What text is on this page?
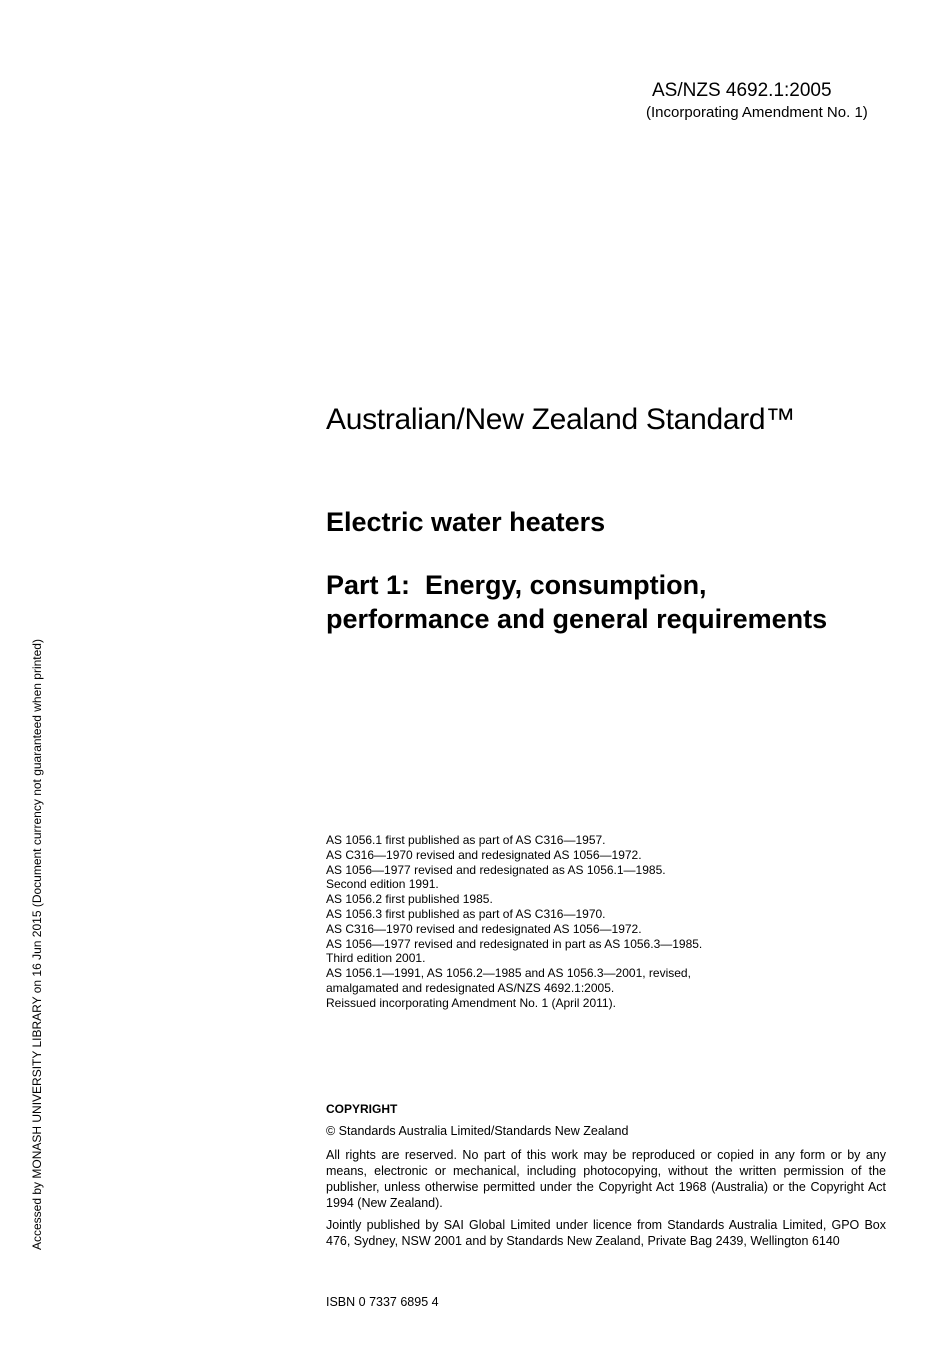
AS/NZS 4692.1:2005
(Incorporating Amendment No. 1)
Australian/New Zealand Standard™
Electric water heaters
Part 1:  Energy, consumption,
performance and general requirements
AS 1056.1 first published as part of AS C316—1957.
AS C316—1970 revised and redesignated AS 1056—1972.
AS 1056—1977 revised and redesignated as AS 1056.1—1985.
Second edition 1991.
AS 1056.2 first published 1985.
AS 1056.3 first published as part of AS C316—1970.
AS C316—1970 revised and redesignated AS 1056—1972.
AS 1056—1977 revised and redesignated in part as AS 1056.3—1985.
Third edition 2001.
AS 1056.1—1991, AS 1056.2—1985 and AS 1056.3—2001, revised,
amalgamated and redesignated AS/NZS 4692.1:2005.
Reissued incorporating Amendment No. 1 (April 2011).
COPYRIGHT
© Standards Australia Limited/Standards New Zealand
All rights are reserved. No part of this work may be reproduced or copied in any form or by any means, electronic or mechanical, including photocopying, without the written permission of the publisher, unless otherwise permitted under the Copyright Act 1968 (Australia) or the Copyright Act 1994 (New Zealand).
Jointly published by SAI Global Limited under licence from Standards Australia Limited, GPO Box 476, Sydney, NSW 2001 and by Standards New Zealand, Private Bag 2439, Wellington 6140
ISBN 0 7337 6895 4
Accessed by MONASH UNIVERSITY LIBRARY on 16 Jun 2015 (Document currency not guaranteed when printed)
